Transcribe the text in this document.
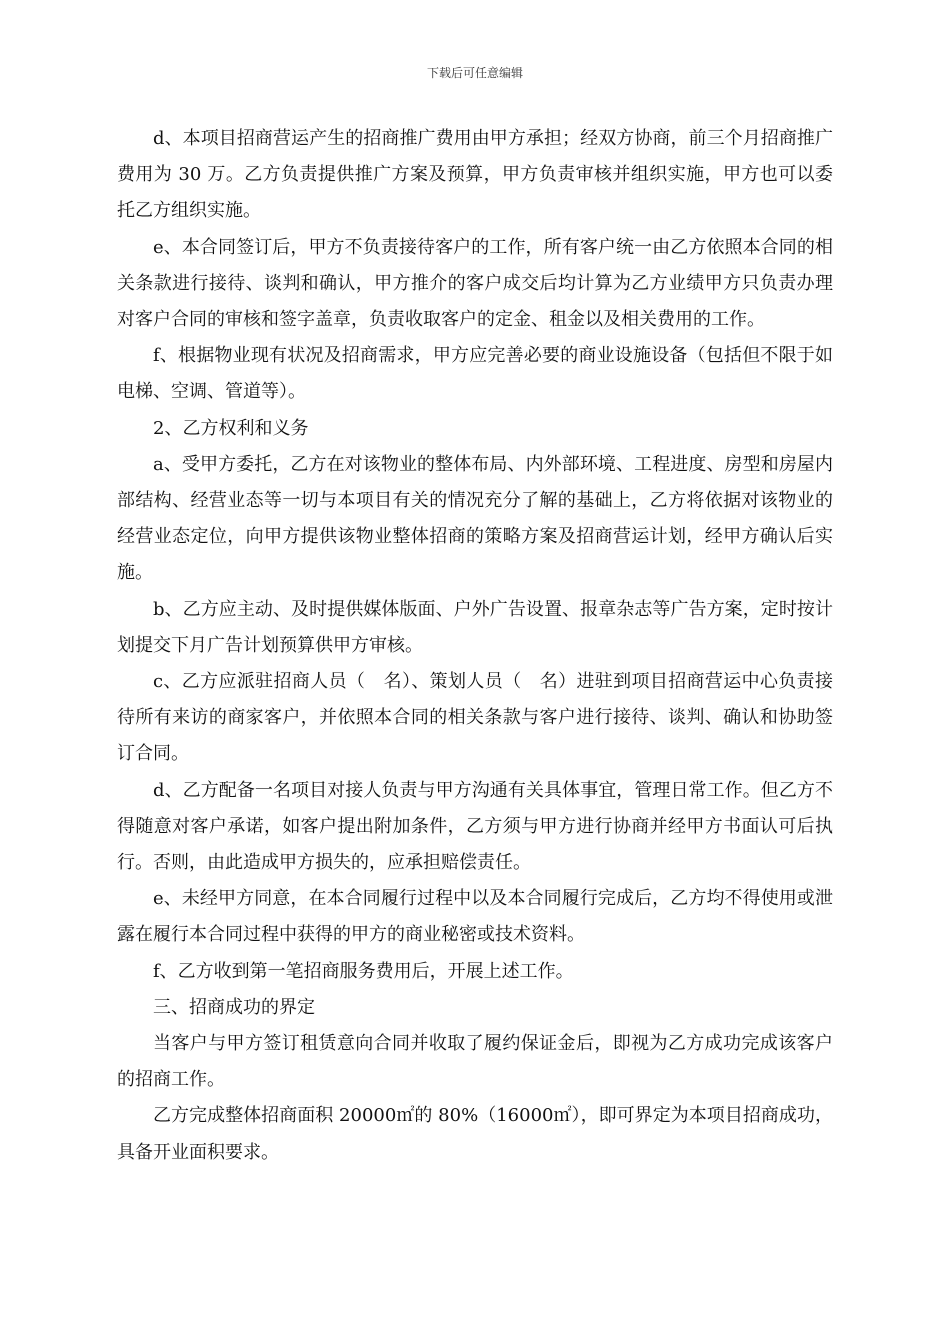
下载后可任意编辑

d、本项目招商营运产生的招商推广费用由甲方承担；经双方协商，前三个月招商推广费用为 30 万。乙方负责提供推广方案及预算，甲方负责审核并组织实施，甲方也可以委托乙方组织实施。

e、本合同签订后，甲方不负责接待客户的工作，所有客户统一由乙方依照本合同的相关条款进行接待、谈判和确认，甲方推介的客户成交后均计算为乙方业绩甲方只负责办理对客户合同的审核和签字盖章，负责收取客户的定金、租金以及相关费用的工作。

f、根据物业现有状况及招商需求，甲方应完善必要的商业设施设备（包括但不限于如电梯、空调、管道等）。

2、乙方权利和义务

a、受甲方委托，乙方在对该物业的整体布局、内外部环境、工程进度、房型和房屋内部结构、经营业态等一切与本项目有关的情况充分了解的基础上，乙方将依据对该物业的经营业态定位，向甲方提供该物业整体招商的策略方案及招商营运计划，经甲方确认后实施。

b、乙方应主动、及时提供媒体版面、户外广告设置、报章杂志等广告方案，定时按计划提交下月广告计划预算供甲方审核。

c、乙方应派驻招商人员（　名）、策划人员（　名）进驻到项目招商营运中心负责接待所有来访的商家客户，并依照本合同的相关条款与客户进行接待、谈判、确认和协助签订合同。

d、乙方配备一名项目对接人负责与甲方沟通有关具体事宜，管理日常工作。但乙方不得随意对客户承诺，如客户提出附加条件，乙方须与甲方进行协商并经甲方书面认可后执行。否则，由此造成甲方损失的，应承担赔偿责任。

e、未经甲方同意，在本合同履行过程中以及本合同履行完成后，乙方均不得使用或泄露在履行本合同过程中获得的甲方的商业秘密或技术资料。

f、乙方收到第一笔招商服务费用后，开展上述工作。

三、招商成功的界定

当客户与甲方签订租赁意向合同并收取了履约保证金后，即视为乙方成功完成该客户的招商工作。

乙方完成整体招商面积 20000㎡的 80%（16000㎡），即可界定为本项目招商成功，具备开业面积要求。
